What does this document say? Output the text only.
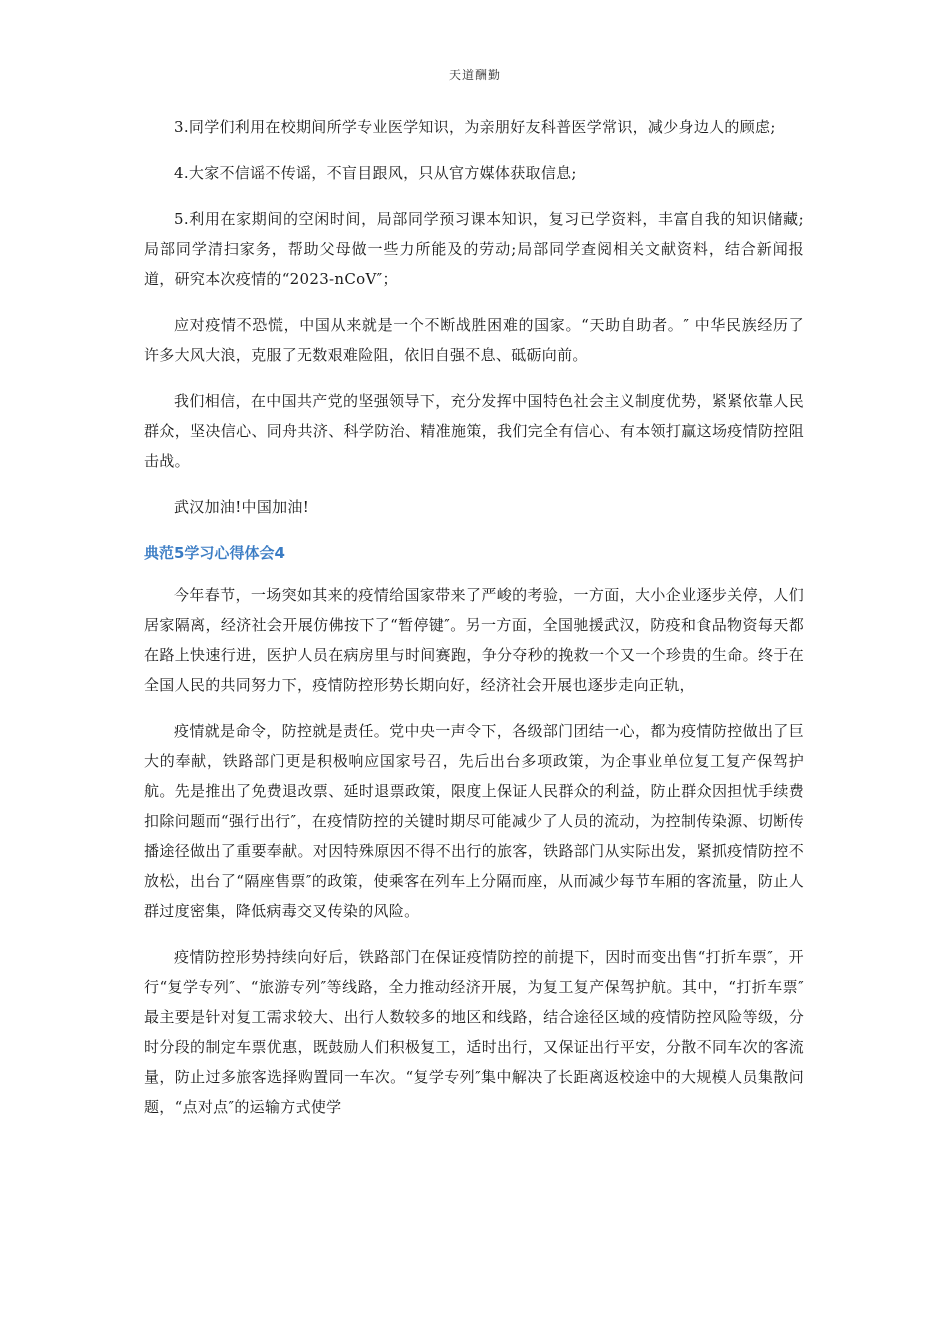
天道酬勤

3.同学们利用在校期间所学专业医学知识，为亲朋好友科普医学常识，减少身边人的顾虑;

4.大家不信谣不传谣，不盲目跟风，只从官方媒体获取信息;

5.利用在家期间的空闲时间，局部同学预习课本知识，复习已学资料，丰富自我的知识储藏;局部同学清扫家务，帮助父母做一些力所能及的劳动;局部同学查阅相关文献资料，结合新闻报道，研究本次疫情的“2023-nCoV″；

应对疫情不恐慌，中国从来就是一个不断战胜困难的国家。“天助自助者。″ 中华民族经历了许多大风大浪，克服了无数艰难险阻，依旧自强不息、砥砺向前。

我们相信，在中国共产党的坚强领导下，充分发挥中国特色社会主义制度优势，紧紧依靠人民群众，坚决信心、同舟共济、科学防治、精准施策，我们完全有信心、有本领打赢这场疫情防控阻击战。

武汉加油!中国加油!

典范5学习心得体会4

今年春节，一场突如其来的疫情给国家带来了严峻的考验，一方面，大小企业逐步关停，人们居家隔离，经济社会开展仿佛按下了“暂停键″。另一方面，全国驰援武汉，防疫和食品物资每天都在路上快速行进，医护人员在病房里与时间赛跑，争分夺秒的挽救一个又一个珍贵的生命。终于在全国人民的共同努力下，疫情防控形势长期向好，经济社会开展也逐步走向正轨，

疫情就是命令，防控就是责任。党中央一声令下，各级部门团结一心，都为疫情防控做出了巨大的奉献，铁路部门更是积极响应国家号召，先后出台多项政策，为企事业单位复工复产保驾护航。先是推出了免费退改票、延时退票政策，限度上保证人民群众的利益，防止群众因担忧手续费扣除问题而“强行出行″，在疫情防控的关键时期尽可能减少了人员的流动，为控制传染源、切断传播途径做出了重要奉献。对因特殊原因不得不出行的旅客，铁路部门从实际出发，紧抓疫情防控不放松，出台了“隔座售票″的政策，使乘客在列车上分隔而座，从而减少每节车厢的客流量，防止人群过度密集，降低病毒交叉传染的风险。

疫情防控形势持续向好后，铁路部门在保证疫情防控的前提下，因时而变出售“打折车票″，开行“复学专列″、“旅游专列″等线路，全力推动经济开展，为复工复产保驾护航。其中，“打折车票″最主要是针对复工需求较大、出行人数较多的地区和线路，结合途径区域的疫情防控风险等级，分时分段的制定车票优惠，既鼓励人们积极复工，适时出行，又保证出行平安，分散不同车次的客流量，防止过多旅客选择购置同一车次。“复学专列″集中解决了长距离返校途中的大规模人员集散问题，“点对点″的运输方式使学
